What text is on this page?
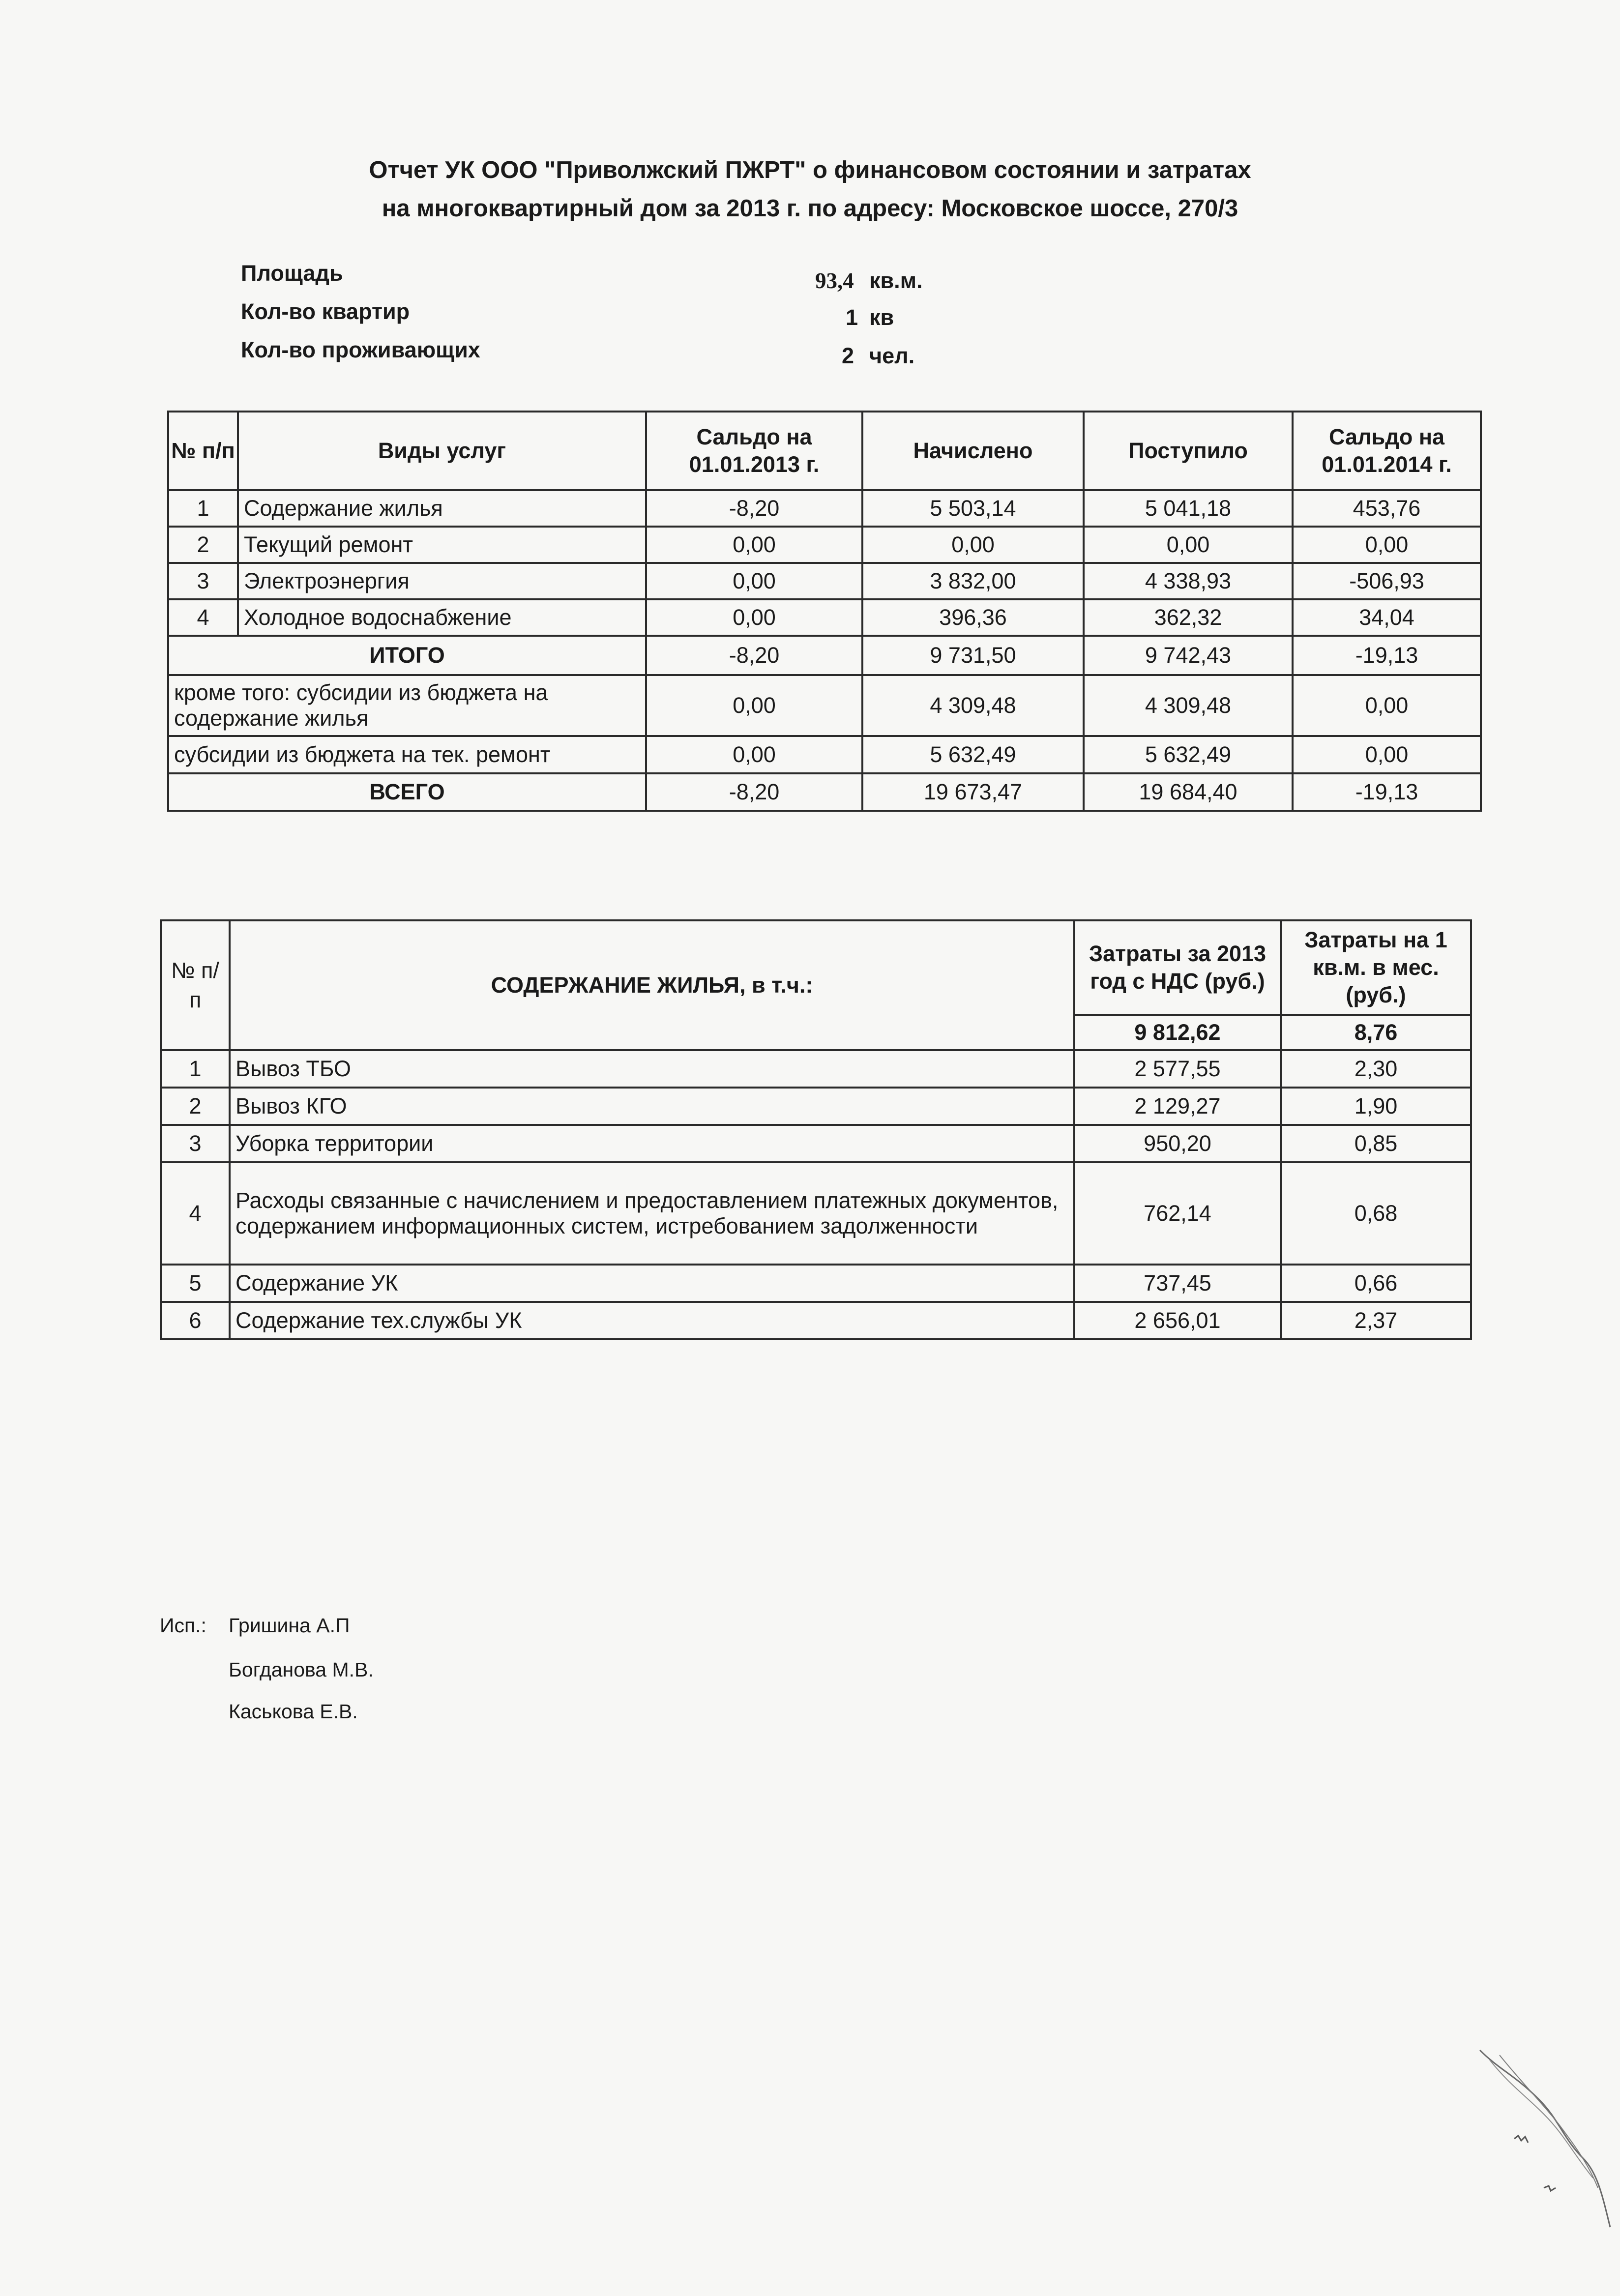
Отчет УК ООО "Приволжский ПЖРТ" о финансовом состоянии и затратах
на многоквартирный дом за 2013 г. по адресу: Московское шоссе, 270/3
Площадь	93,4 кв.м.
Кол-во квартир	1 кв
Кол-во проживающих	2 чел.
№ п/п	Виды услуг	Сальдо на 01.01.2013 г.	Начислено	Поступило	Сальдо на 01.01.2014 г.
1	Содержание жилья	-8,20	5 503,14	5 041,18	453,76
2	Текущий ремонт	0,00	0,00	0,00	0,00
3	Электроэнергия	0,00	3 832,00	4 338,93	-506,93
4	Холодное водоснабжение	0,00	396,36	362,32	34,04
ИТОГО		-8,20	9 731,50	9 742,43	-19,13
кроме того: субсидии из бюджета на содержание жилья		0,00	4 309,48	4 309,48	0,00
субсидии из бюджета на тек. ремонт		0,00	5 632,49	5 632,49	0,00
ВСЕГО		-8,20	19 673,47	19 684,40	-19,13
№ п/п	СОДЕРЖАНИЕ ЖИЛЬЯ, в т.ч.:	Затраты за 2013 год с НДС (руб.)	Затраты на 1 кв.м. в мес. (руб.)
		9 812,62	8,76
1	Вывоз ТБО	2 577,55	2,30
2	Вывоз КГО	2 129,27	1,90
3	Уборка территории	950,20	0,85
4	Расходы связанные с начислением и предоставлением платежных документов, содержанием информационных систем, истребованием задолженности	762,14	0,68
5	Содержание УК	737,45	0,66
6	Содержание тех.службы УК	2 656,01	2,37
Исп.: Гришина А.П
Богданова М.В.
Каськова Е.В.
